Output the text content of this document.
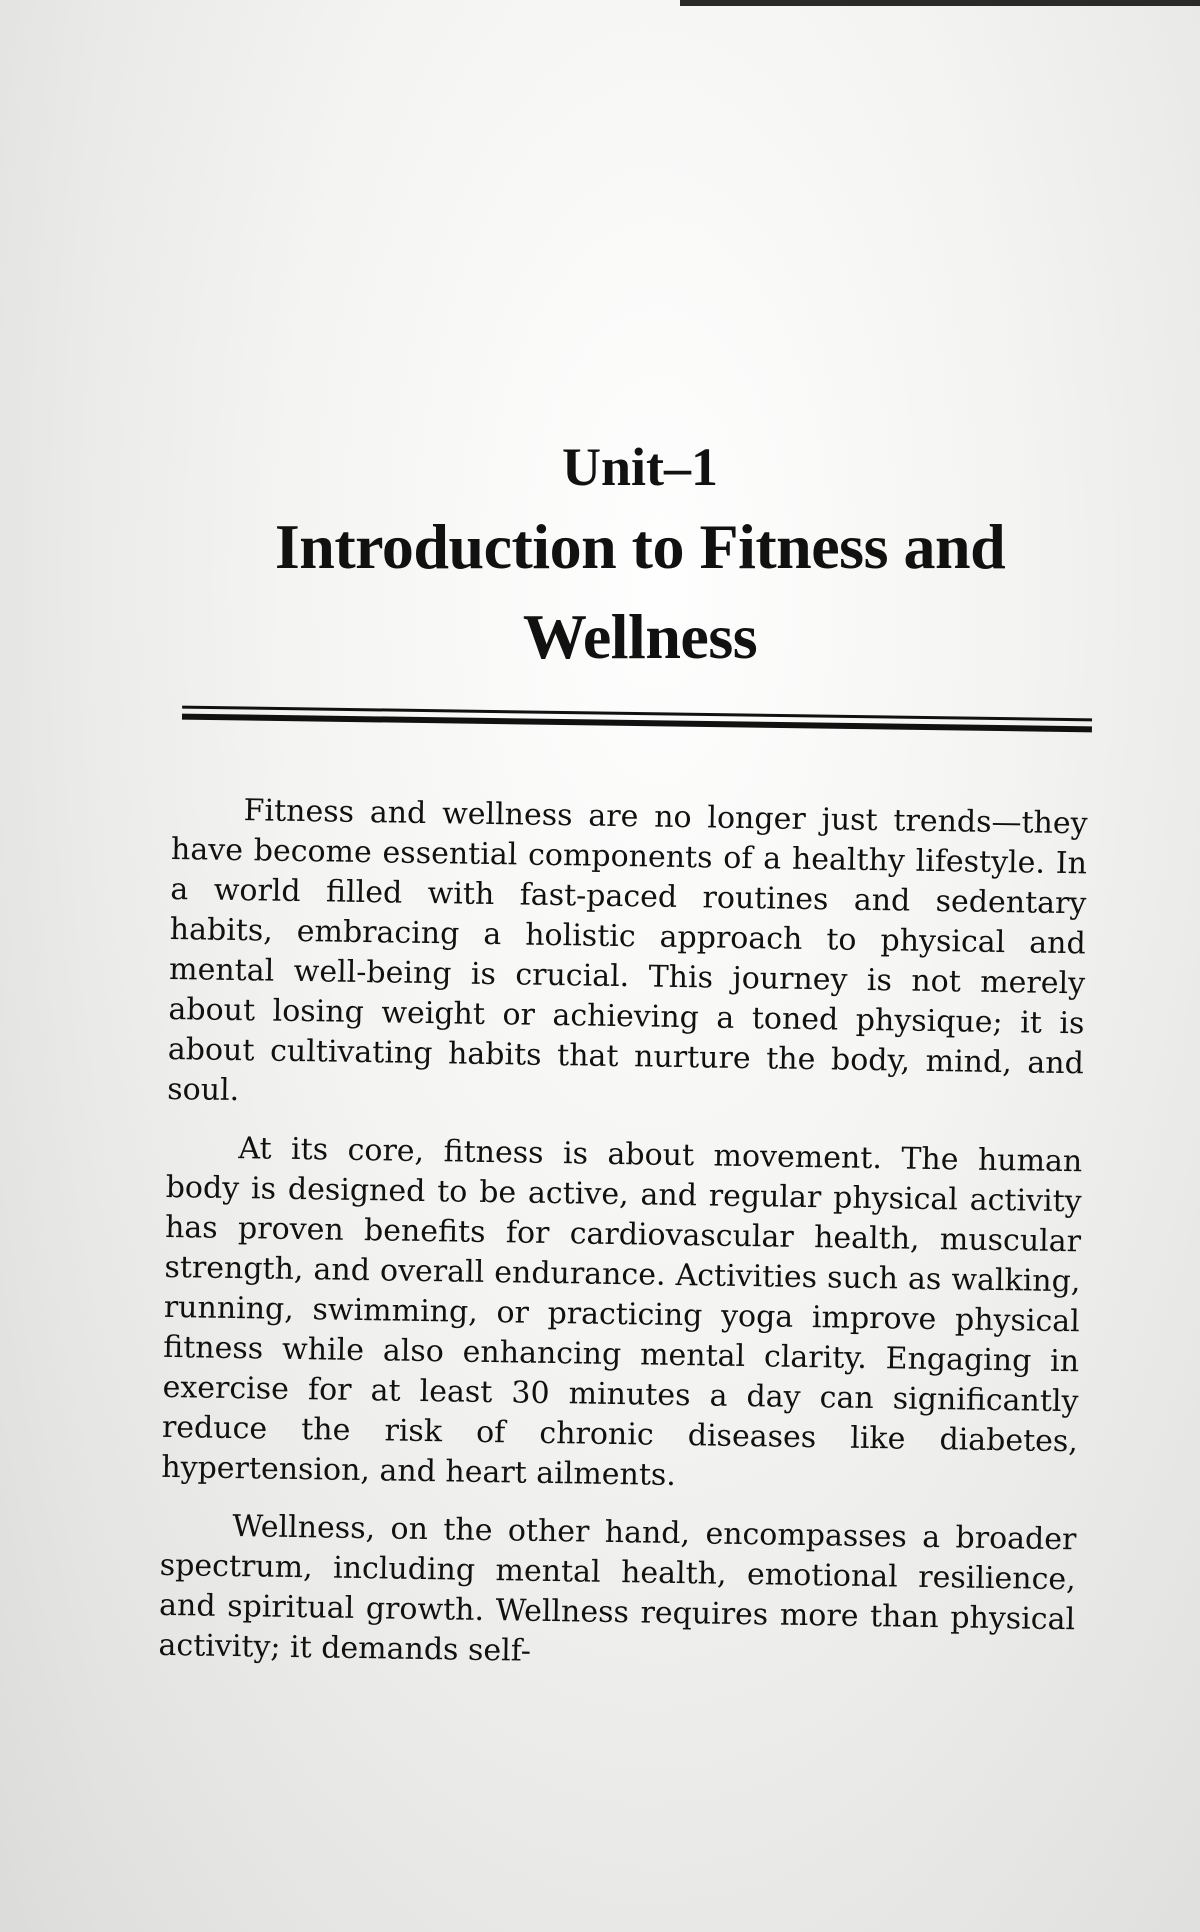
Unit–1
Introduction to Fitness and Wellness

Fitness and wellness are no longer just trends—they have become essential components of a healthy lifestyle. In a world filled with fast-paced routines and sedentary habits, embracing a holistic approach to physical and mental well-being is crucial. This journey is not merely about losing weight or achieving a toned physique; it is about cultivating habits that nurture the body, mind, and soul.

At its core, fitness is about movement. The human body is designed to be active, and regular physical activity has proven benefits for cardiovascular health, muscular strength, and overall endurance. Activities such as walking, running, swimming, or practicing yoga improve physical fitness while also enhancing mental clarity. Engaging in exercise for at least 30 minutes a day can significantly reduce the risk of chronic diseases like diabetes, hypertension, and heart ailments.

Wellness, on the other hand, encompasses a broader spectrum, including mental health, emotional resilience, and spiritual growth. Wellness requires more than physical activity; it demands self-
